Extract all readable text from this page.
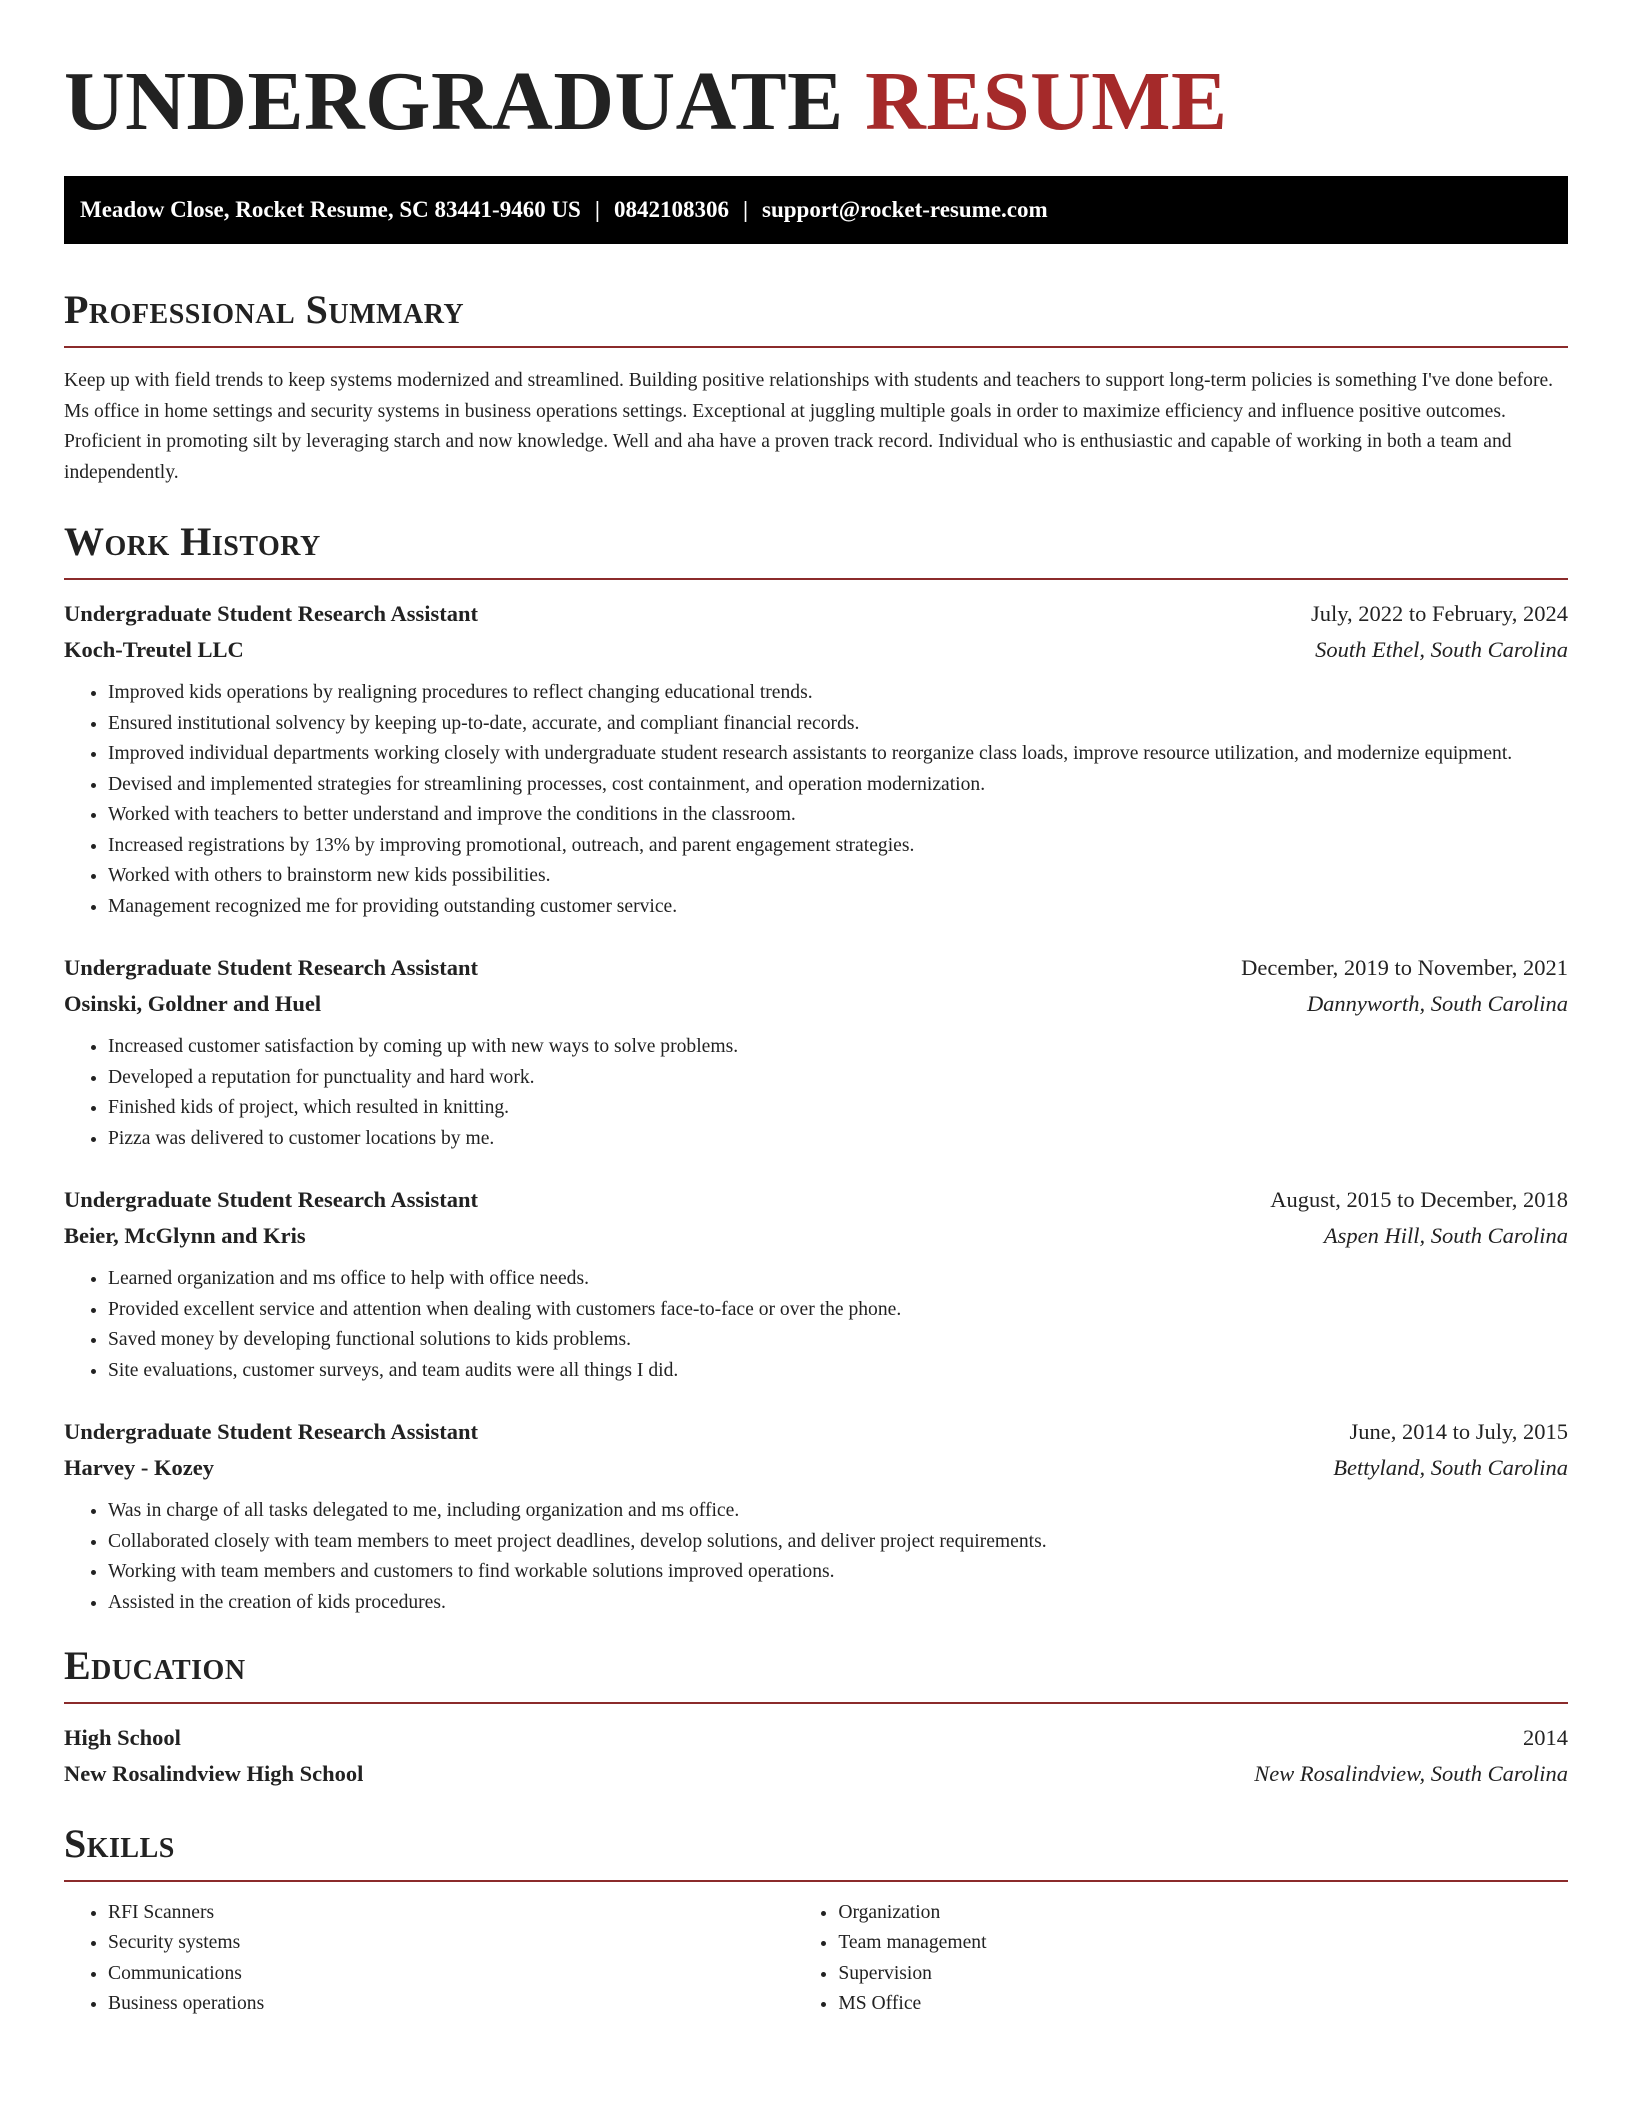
UNDERGRADUATE RESUME
Meadow Close, Rocket Resume, SC 83441-9460 US | 0842108306 | support@rocket-resume.com
Professional Summary

Keep up with field trends to keep systems modernized and streamlined. Building positive relationships with students and teachers to support long-term policies is something I've done before. Ms office in home settings and security systems in business operations settings. Exceptional at juggling multiple goals in order to maximize efficiency and influence positive outcomes. Proficient in promoting silt by leveraging starch and now knowledge. Well and aha have a proven track record. Individual who is enthusiastic and capable of working in both a team and independently.

Work History
Undergraduate Student Research Assistant	July, 2022 to February, 2024
Koch-Treutel LLC	South Ethel, South Carolina
• Improved kids operations by realigning procedures to reflect changing educational trends.
• Ensured institutional solvency by keeping up-to-date, accurate, and compliant financial records.
• Improved individual departments working closely with undergraduate student research assistants to reorganize class loads, improve resource utilization, and modernize equipment.
• Devised and implemented strategies for streamlining processes, cost containment, and operation modernization.
• Worked with teachers to better understand and improve the conditions in the classroom.
• Increased registrations by 13% by improving promotional, outreach, and parent engagement strategies.
• Worked with others to brainstorm new kids possibilities.
• Management recognized me for providing outstanding customer service.
Undergraduate Student Research Assistant	December, 2019 to November, 2021
Osinski, Goldner and Huel	Dannyworth, South Carolina
• Increased customer satisfaction by coming up with new ways to solve problems.
• Developed a reputation for punctuality and hard work.
• Finished kids of project, which resulted in knitting.
• Pizza was delivered to customer locations by me.
Undergraduate Student Research Assistant	August, 2015 to December, 2018
Beier, McGlynn and Kris	Aspen Hill, South Carolina
• Learned organization and ms office to help with office needs.
• Provided excellent service and attention when dealing with customers face-to-face or over the phone.
• Saved money by developing functional solutions to kids problems.
• Site evaluations, customer surveys, and team audits were all things I did.
Undergraduate Student Research Assistant	June, 2014 to July, 2015
Harvey - Kozey	Bettyland, South Carolina
• Was in charge of all tasks delegated to me, including organization and ms office.
• Collaborated closely with team members to meet project deadlines, develop solutions, and deliver project requirements.
• Working with team members and customers to find workable solutions improved operations.
• Assisted in the creation of kids procedures.
Education
High School	2014
New Rosalindview High School	New Rosalindview, South Carolina
Skills
• RFI Scanners
• Security systems
• Communications
• Business operations
• Organization
• Team management
• Supervision
• MS Office
